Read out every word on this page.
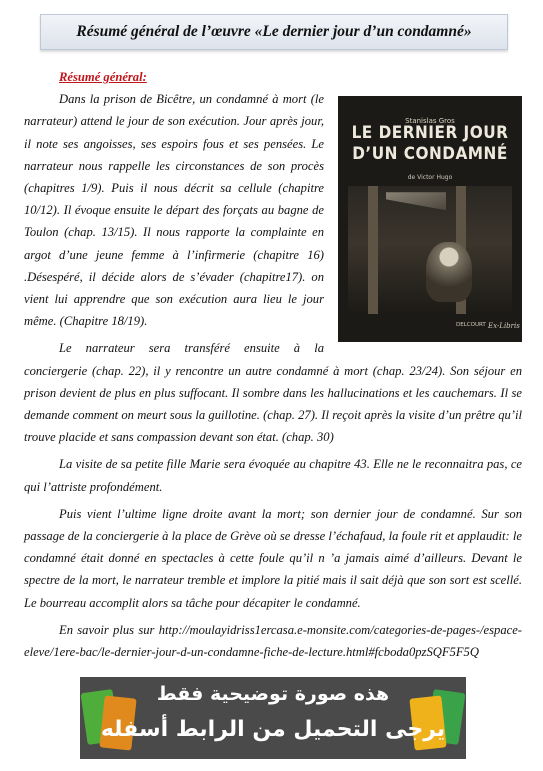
Résumé général de l’œuvre «Le dernier jour d’un condamné»
Résumé général:
Stanislas Gros
LE DERNIER JOUR
D’UN CONDAMNÉ
de Victor Hugo
DELCOURT Ex-Libris

Dans la prison de Bicêtre, un condamné à mort (le narrateur) attend le jour de son exécution. Jour après jour, il note ses angoisses, ses espoirs fous et ses pensées. Le narrateur nous rappelle les circonstances de son procès (chapitres 1/9). Puis il nous décrit sa cellule (chapitre 10/12). Il évoque ensuite le départ des forçats au bagne de Toulon (chap. 13/15). Il nous rapporte la complainte en argot d’une jeune femme à l’infirmerie (chapitre 16) .Désespéré, il décide alors de s’évader (chapitre17). on vient lui apprendre que son exécution aura lieu le jour même. (Chapitre 18/19).

Le narrateur sera transféré ensuite à la conciergerie (chap. 22), il y rencontre un autre condamné à mort (chap. 23/24). Son séjour en prison devient de plus en plus suffocant. Il sombre dans les hallucinations et les cauchemars. Il se demande comment on meurt sous la guillotine. (chap. 27). Il reçoit après la visite d’un prêtre qu’il trouve placide et sans compassion devant son état. (chap. 30)

La visite de sa petite fille Marie sera évoquée au chapitre 43. Elle ne le reconnaitra pas, ce qui l’attriste profondément.

Puis vient l’ultime ligne droite avant la mort; son dernier jour de condamné. Sur son passage de la conciergerie à la place de Grève où se dresse l’échafaud, la foule rit et applaudit: le condamné était donné en spectacles à cette foule qu’il n ’a jamais aimé d’ailleurs. Devant le spectre de la mort, le narrateur tremble et implore la pitié mais il sait déjà que son sort est scellé. Le bourreau accomplit alors sa tâche pour décapiter le condamné.

En savoir plus sur http://moulayidriss1ercasa.e-monsite.com/categories-de-pages-/espace-eleve/1ere-bac/le-dernier-jour-d-un-condamne-fiche-de-lecture.html#fcboda0pzSQF5F5Q

هذه صورة توضيحية فقط
يرجى التحميل من الرابط أسفله
